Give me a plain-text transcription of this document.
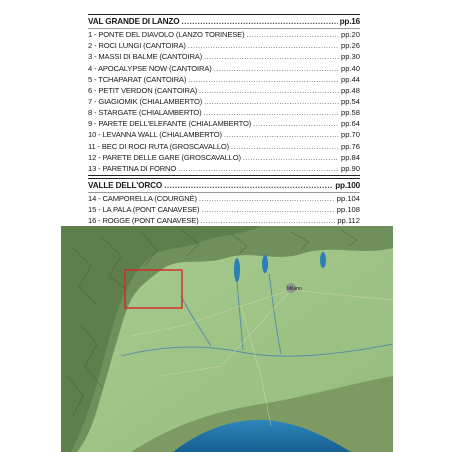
VAL GRANDE DI LANZO .....	pp.16
1 - PONTE DEL DIAVOLO (LANZO TORINESE) .....	pp.20
2 - ROCI LUNGI (CANTOIRA) .....	pp.26
3 - MASSI DI BALME (CANTOIRA) .....	pp.30
4 - APOCALYPSE NOW (CANTOIRA) .....	pp.40
5 - TCHAPARAT (CANTOIRA) .....	pp.44
6 - PETIT VERDON (CANTOIRA) .....	pp.48
7 - GIAGIOMIK (CHIALAMBERTO) .....	pp.54
8 - STARGATE (CHIALAMBERTO) .....	pp.58
9 - PARETE DELL'ELEFANTE (CHIALAMBERTO) .....	pp.64
10 - LEVANNA WALL (CHIALAMBERTO) .....	pp.70
11 - BEC DI ROCI RUTA (GROSCAVALLO) .....	pp.76
12 - PARETE DELLE GARE (GROSCAVALLO) .....	pp.84
13 - PARETINA DI FORNO .....	pp.90
VALLE DELL'ORCO .....	pp.100
14 - CAMPORELLA (COURGNÈ) .....	pp.104
15 - LA PALA (PONT CANAVESE) .....	pp.108
16 - ROGGE (PONT CANAVESE) .....	pp.112
Milano
